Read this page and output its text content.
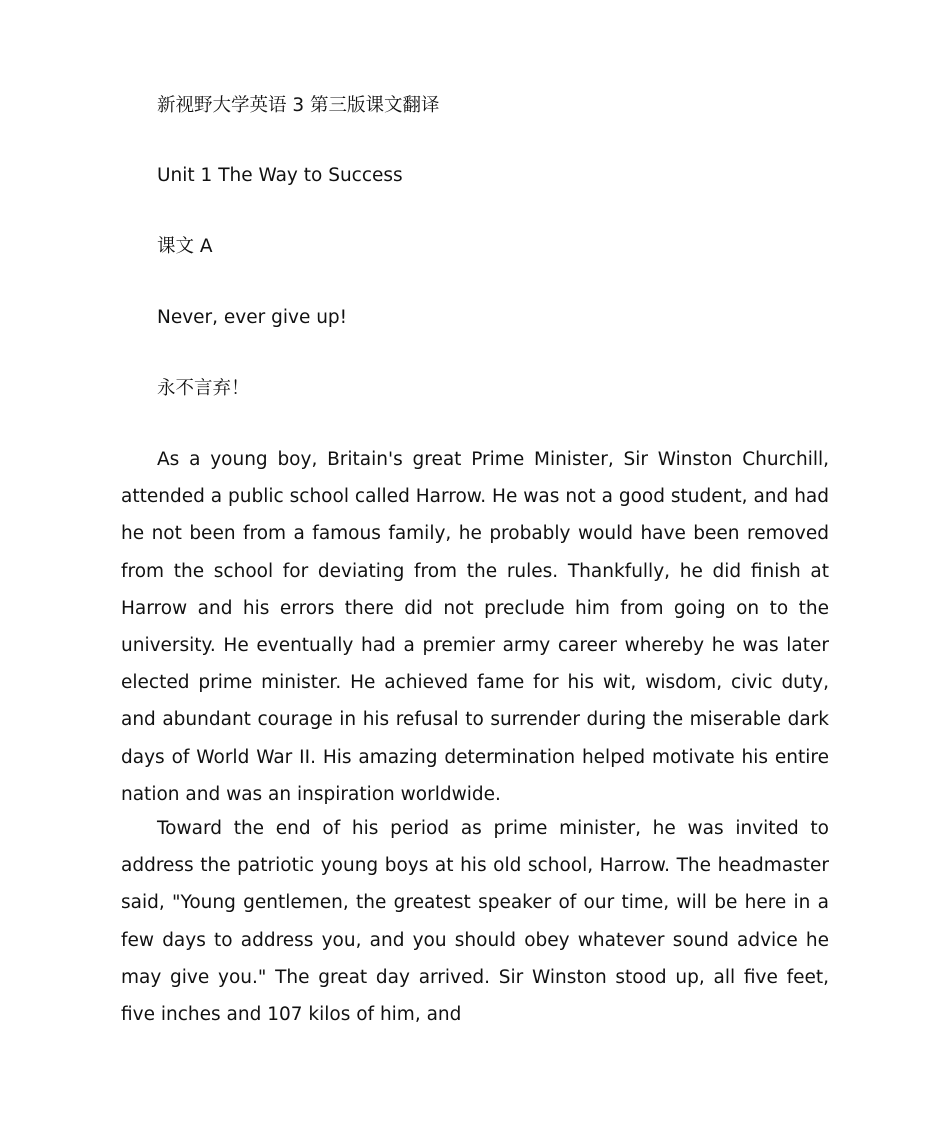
新视野大学英语 3 第三版课文翻译

Unit 1 The Way to Success

课文 A

Never, ever give up!

永不言弃！

As a young boy, Britain's great Prime Minister, Sir Winston Churchill, attended a public school called Harrow. He was not a good student, and had he not been from a famous family, he probably would have been removed from the school for deviating from the rules. Thankfully, he did finish at Harrow and his errors there did not preclude him from going on to the university. He eventually had a premier army career whereby he was later elected prime minister. He achieved fame for his wit, wisdom, civic duty, and abundant courage in his refusal to surrender during the miserable dark days of World War II. His amazing determination helped motivate his entire nation and was an inspiration worldwide.

Toward the end of his period as prime minister, he was invited to address the patriotic young boys at his old school, Harrow. The headmaster said, "Young gentlemen, the greatest speaker of our time, will be here in a few days to address you, and you should obey whatever sound advice he may give you." The great day arrived. Sir Winston stood up, all five feet, five inches and 107 kilos of him, and
